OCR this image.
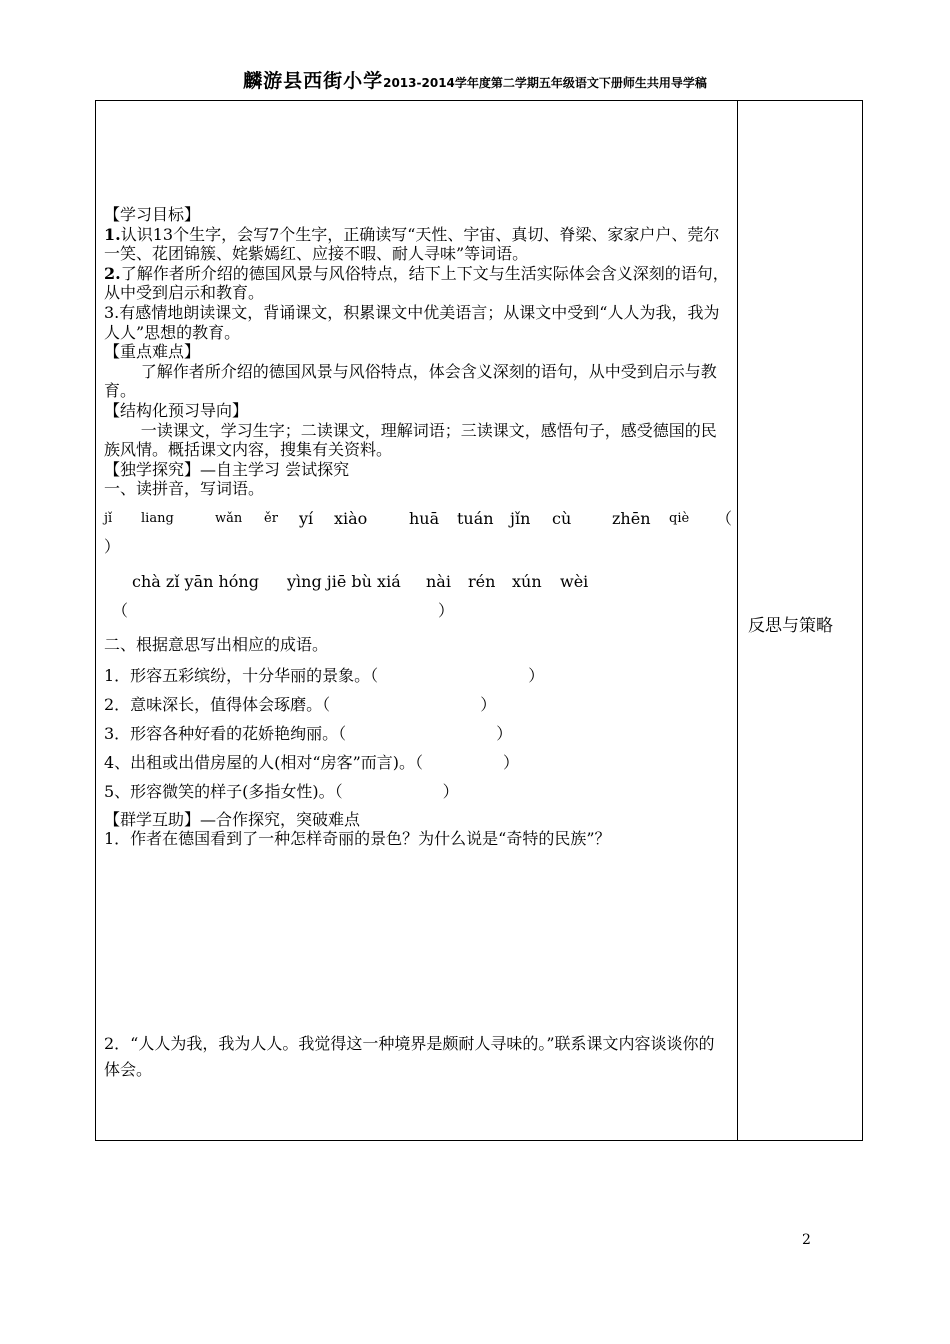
麟游县西街小学2013-2014学年度第二学期五年级语文下册师生共用导学稿
反思与策略

【学习目标】

1.认识13个生字，会写7个生字，正确读写“天性、宇宙、真切、脊梁、家家户户、莞尔一笑、花团锦簇、姹紫嫣红、应接不暇、耐人寻味”等词语。

2.了解作者所介绍的德国风景与风俗特点，结下上下文与生活实际体会含义深刻的语句，从中受到启示和教育。

3.有感情地朗读课文，背诵课文，积累课文中优美语言；从课文中受到“人人为我，我为人人”思想的教育。

【重点难点】

了解作者所介绍的德国风景与风俗特点，体会含义深刻的语句，从中受到启示与教育。

【结构化预习导向】

一读课文，学习生字；二读课文，理解词语；三读课文，感悟句子，感受德国的民族风情。概括课文内容，搜集有关资料。

【独学探究】—自主学习 尝试探究

一、读拼音，写词语。

jǐ liang	wǎn ěr yí xiào	huā tuán jǐn cù	zhēn qiè （
）
chà zǐ yān hóng yìng jiē bù xiá nài rén xún wèi
（	）

二、根据意思写出相应的成语。

1．形容五彩缤纷，十分华丽的景象。（	）

2．意味深长，值得体会琢磨。（	）

3．形容各种好看的花娇艳绚丽。（	）

4、出租或出借房屋的人(相对“房客”而言)。（	）

5、形容微笑的样子(多指女性)。（	）

【群学互助】—合作探究，突破难点

1．作者在德国看到了一种怎样奇丽的景色？为什么说是“奇特的民族”？

2．“人人为我，我为人人。我觉得这一种境界是颇耐人寻味的。”联系课文内容谈谈你的体会。

2
